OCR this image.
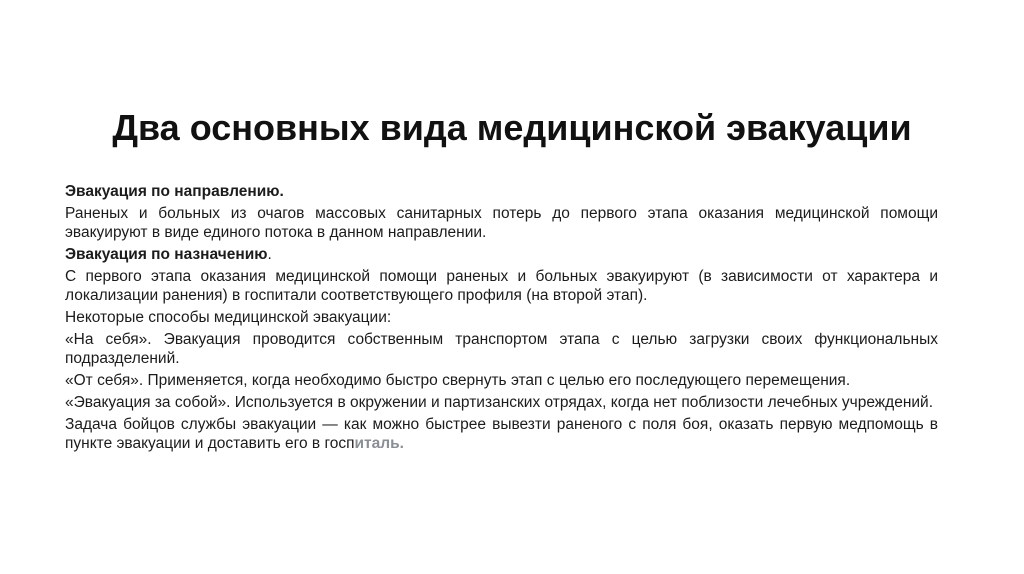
Два основных вида медицинской эвакуации

Эвакуация по направлению.

Раненых и больных из очагов массовых санитарных потерь до первого этапа оказания медицинской помощи эвакуируют в виде единого потока в данном направлении.

Эвакуация по назначению.

С первого этапа оказания медицинской помощи раненых и больных эвакуируют (в зависимости от характера и локализации ранения) в госпитали соответствующего профиля (на второй этап).

Некоторые способы медицинской эвакуации:

«На себя». Эвакуация проводится собственным транспортом этапа с целью загрузки своих функциональных подразделений.

«От себя». Применяется, когда необходимо быстро свернуть этап с целью его последующего перемещения.

«Эвакуация за собой». Используется в окружении и партизанских отрядах, когда нет поблизости лечебных учреждений.

Задача бойцов службы эвакуации — как можно быстрее вывезти раненого с поля боя, оказать первую медпомощь в пункте эвакуации и доставить его в госпиталь.
